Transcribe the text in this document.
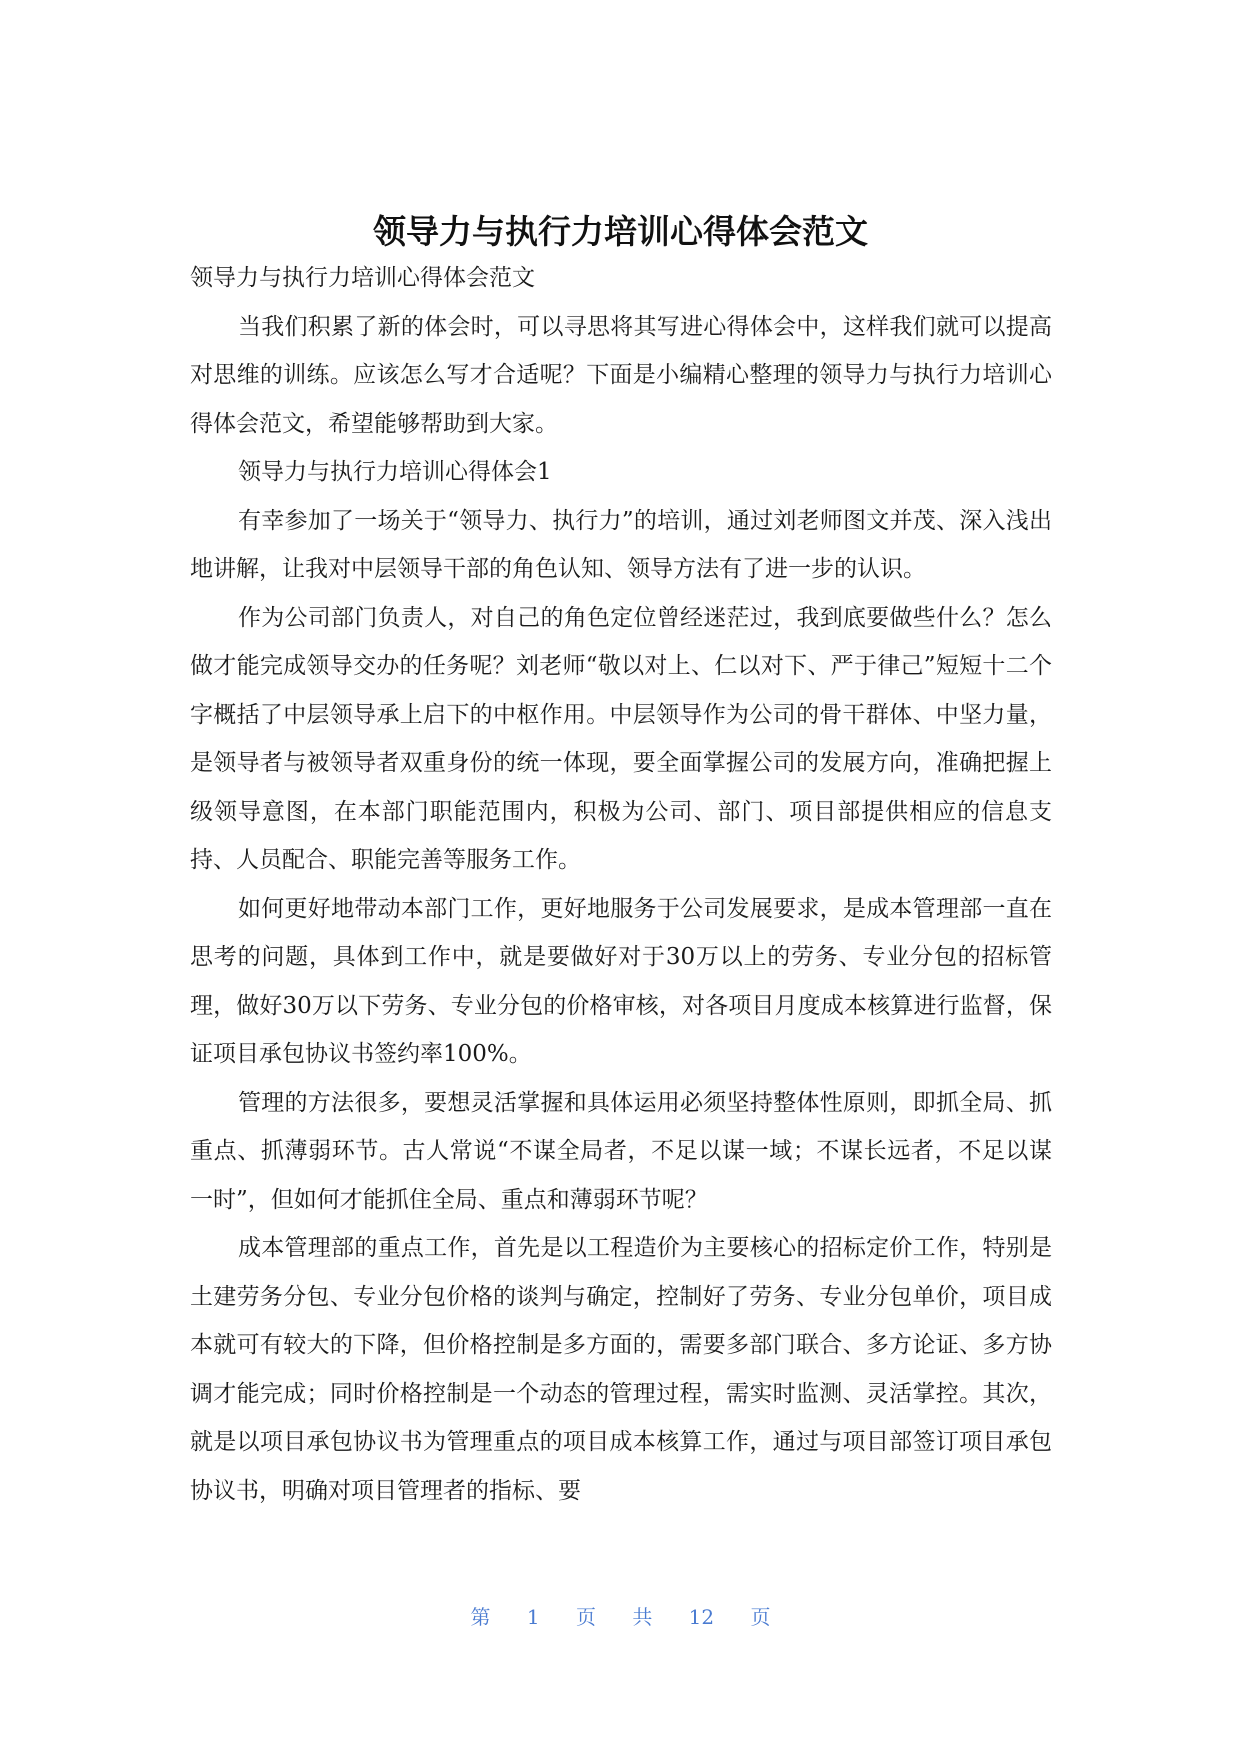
领导力与执行力培训心得体会范文

领导力与执行力培训心得体会范文

当我们积累了新的体会时，可以寻思将其写进心得体会中，这样我们就可以提高对思维的训练。应该怎么写才合适呢？下面是小编精心整理的领导力与执行力培训心得体会范文，希望能够帮助到大家。

领导力与执行力培训心得体会1

有幸参加了一场关于“领导力、执行力”的培训，通过刘老师图文并茂、深入浅出地讲解，让我对中层领导干部的角色认知、领导方法有了进一步的认识。

作为公司部门负责人，对自己的角色定位曾经迷茫过，我到底要做些什么？怎么做才能完成领导交办的任务呢？刘老师“敬以对上、仁以对下、严于律己”短短十二个字概括了中层领导承上启下的中枢作用。中层领导作为公司的骨干群体、中坚力量，是领导者与被领导者双重身份的统一体现，要全面掌握公司的发展方向，准确把握上级领导意图，在本部门职能范围内，积极为公司、部门、项目部提供相应的信息支持、人员配合、职能完善等服务工作。

如何更好地带动本部门工作，更好地服务于公司发展要求，是成本管理部一直在思考的问题，具体到工作中，就是要做好对于30万以上的劳务、专业分包的招标管理，做好30万以下劳务、专业分包的价格审核，对各项目月度成本核算进行监督，保证项目承包协议书签约率100%。

管理的方法很多，要想灵活掌握和具体运用必须坚持整体性原则，即抓全局、抓重点、抓薄弱环节。古人常说“不谋全局者，不足以谋一域；不谋长远者，不足以谋一时”，但如何才能抓住全局、重点和薄弱环节呢？

成本管理部的重点工作，首先是以工程造价为主要核心的招标定价工作，特别是土建劳务分包、专业分包价格的谈判与确定，控制好了劳务、专业分包单价，项目成本就可有较大的下降，但价格控制是多方面的，需要多部门联合、多方论证、多方协调才能完成；同时价格控制是一个动态的管理过程，需实时监测、灵活掌控。其次，就是以项目承包协议书为管理重点的项目成本核算工作，通过与项目部签订项目承包协议书，明确对项目管理者的指标、要

第 1 页 共 12 页
